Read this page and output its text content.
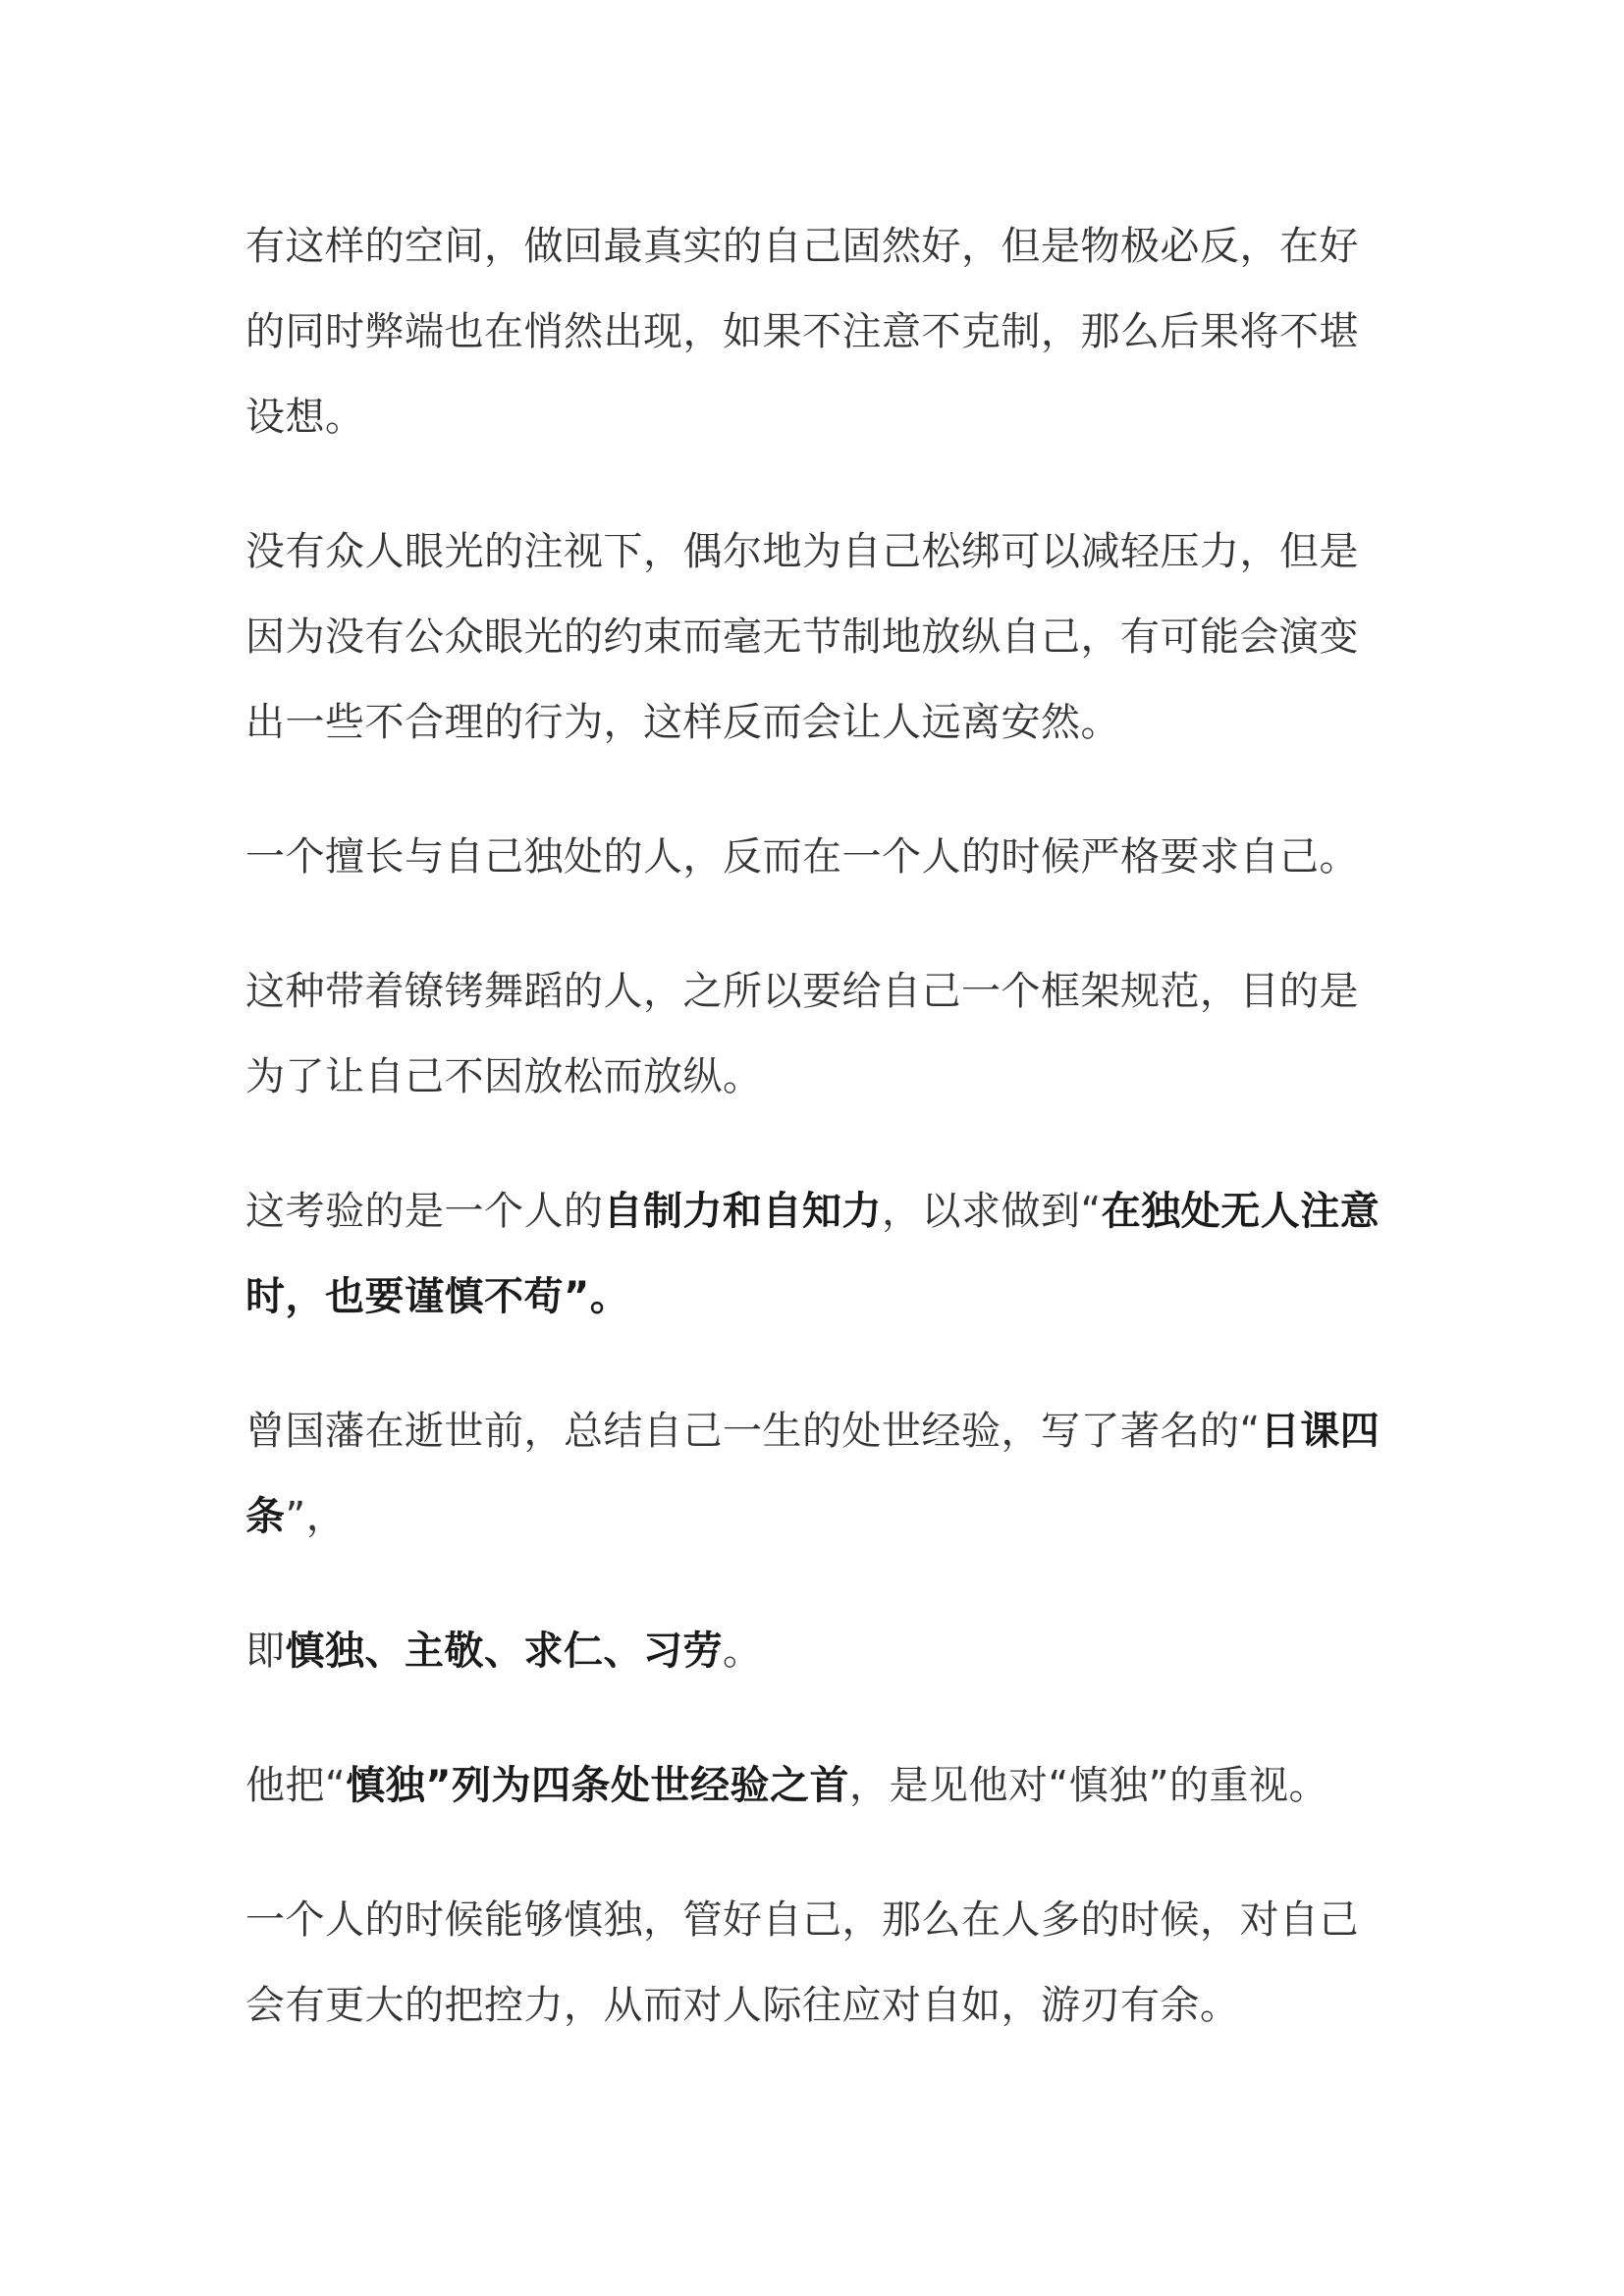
有这样的空间，做回最真实的自己固然好，但是物极必反，在好
的同时弊端也在悄然出现，如果不注意不克制，那么后果将不堪
设想。

没有众人眼光的注视下，偶尔地为自己松绑可以减轻压力，但是
因为没有公众眼光的约束而毫无节制地放纵自己，有可能会演变
出一些不合理的行为，这样反而会让人远离安然。

一个擅长与自己独处的人，反而在一个人的时候严格要求自己。

这种带着镣铐舞蹈的人，之所以要给自己一个框架规范，目的是
为了让自己不因放松而放纵。

这考验的是一个人的自制力和自知力，以求做到“在独处无人注意
时，也要谨慎不苟”。

曾国藩在逝世前，总结自己一生的处世经验，写了著名的“日课四
条”，

即慎独、主敬、求仁、习劳。

他把“慎独”列为四条处世经验之首，是见他对“慎独”的重视。

一个人的时候能够慎独，管好自己，那么在人多的时候，对自己
会有更大的把控力，从而对人际往应对自如，游刃有余。
